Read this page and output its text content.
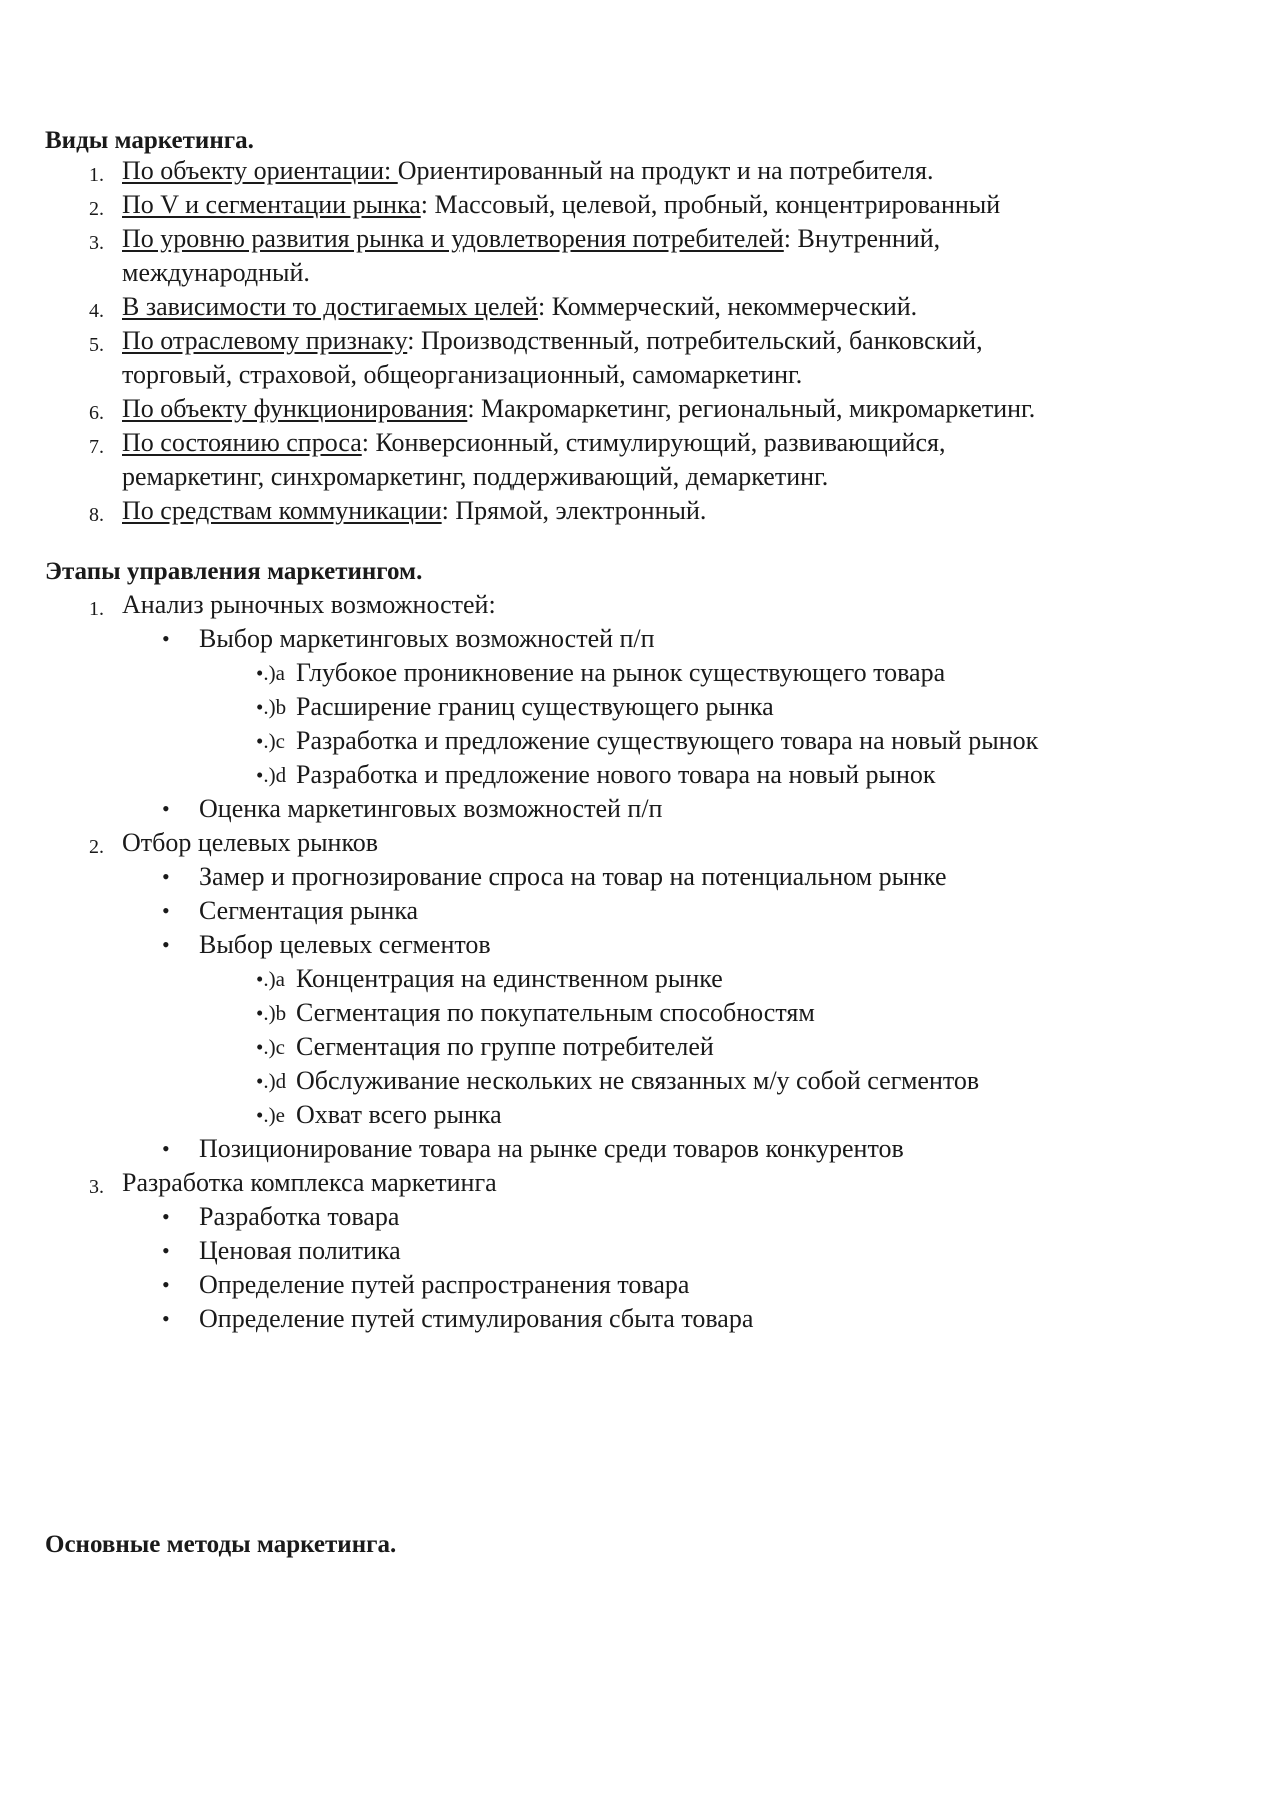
Виды маркетинга.
1. По объекту ориентации: Ориентированный на продукт и на потребителя.
2. По V и сегментации рынка: Массовый, целевой, пробный, концентрированный
3. По уровню развития рынка и удовлетворения потребителей: Внутренний,
международный.
4. В зависимости то достигаемых целей: Коммерческий, некоммерческий.
5. По отраслевому признаку: Производственный, потребительский, банковский,
торговый, страховой, общеорганизационный, самомаркетинг.
6. По объекту функционирования: Макромаркетинг, региональный, микромаркетинг.
7. По состоянию спроса: Конверсионный, стимулирующий, развивающийся,
ремаркетинг, синхромаркетинг, поддерживающий, демаркетинг.
8. По средствам коммуникации: Прямой, электронный.
Этапы управления маркетингом.
1. Анализ рыночных возможностей:
• Выбор маркетинговых возможностей п/п
•.)a Глубокое проникновение на рынок существующего товара
•.)b Расширение границ существующего рынка
•.)c Разработка и предложение существующего товара на новый рынок
•.)d Разработка и предложение нового товара на новый рынок
• Оценка маркетинговых возможностей п/п
2. Отбор целевых рынков
• Замер и прогнозирование спроса на товар на потенциальном рынке
• Сегментация рынка
• Выбор целевых сегментов
•.)a Концентрация на единственном рынке
•.)b Сегментация по покупательным способностям
•.)c Сегментация по группе потребителей
•.)d Обслуживание нескольких не связанных м/у собой сегментов
•.)e Охват всего рынка
• Позиционирование товара на рынке среди товаров конкурентов
3. Разработка комплекса маркетинга
• Разработка товара
• Ценовая политика
• Определение путей распространения товара
• Определение путей стимулирования сбыта товара
Основные методы маркетинга.
